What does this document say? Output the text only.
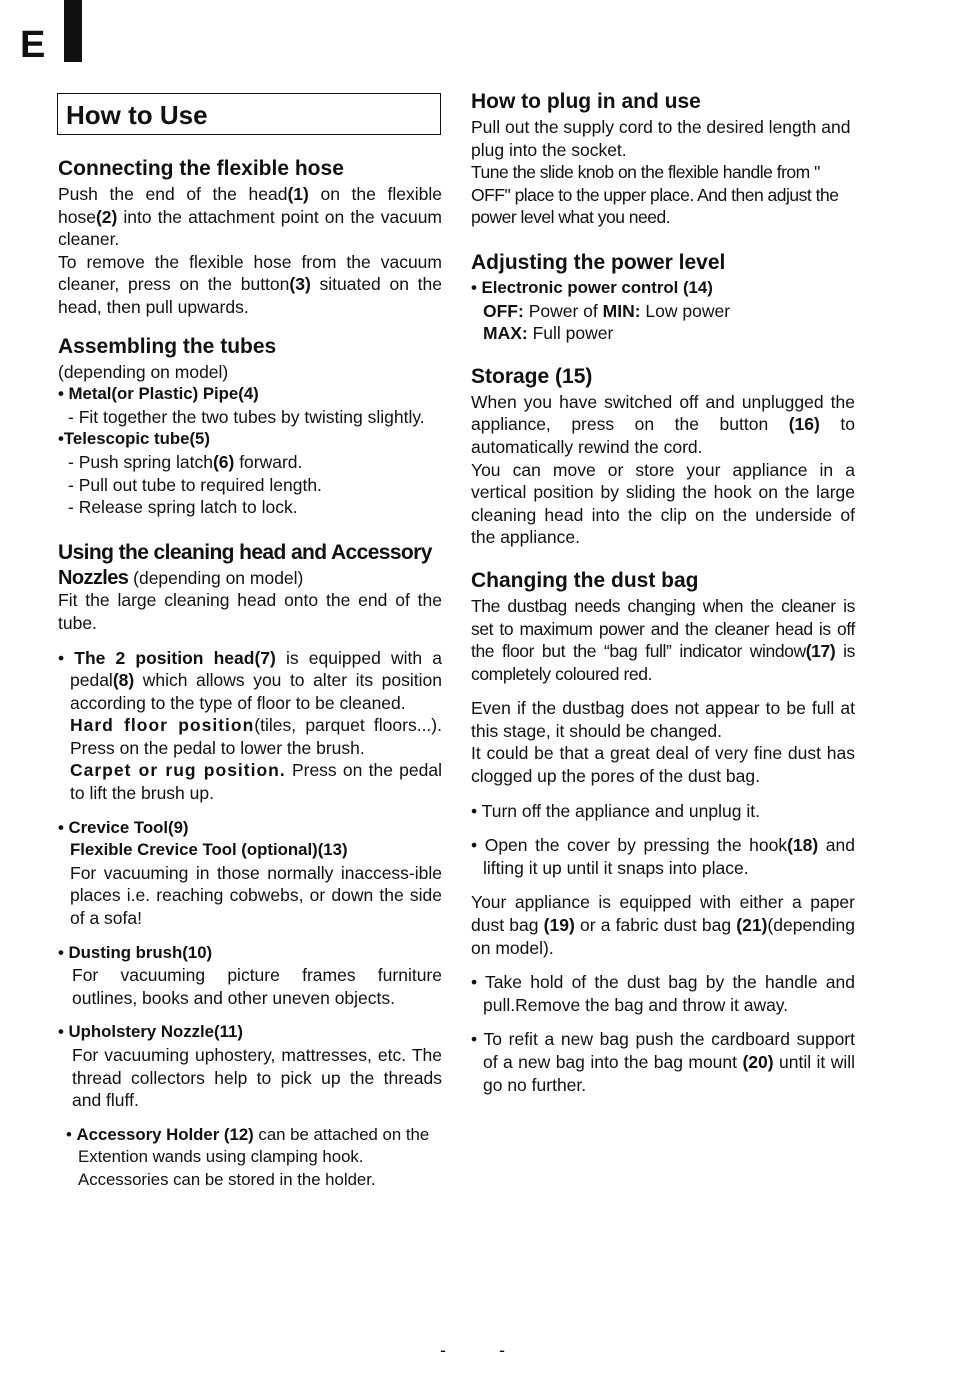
E
How to Use
Connecting the flexible hose

Push the end of the head(1) on the flexible hose(2) into the attachment point on the vacuum cleaner.

To remove the flexible hose from the vacuum cleaner, press on the button(3) situated on the head, then pull upwards.

Assembling the tubes

(depending on model)

• Metal(or Plastic) Pipe(4)

- Fit together the two tubes by twisting slightly.

•Telescopic tube(5)

- Push spring latch(6) forward.

- Pull out tube to required length.

- Release spring latch to lock.

Using the cleaning head and Accessory

Nozzles (depending on model)

Fit the large cleaning head onto the end of the tube.

• The 2 position head(7) is equipped with a pedal(8) which allows you to alter its position according to the type of floor to be cleaned.

Hard floor position(tiles, parquet floors...). Press on the pedal to lower the brush.

Carpet or rug position. Press on the pedal to lift the brush up.

• Crevice Tool(9)

Flexible Crevice Tool (optional)(13)

For vacuuming in those normally inaccess-ible places i.e. reaching cobwebs, or down the side of a sofa!

• Dusting brush(10)

For vacuuming picture frames furniture outlines, books and other uneven objects.

• Upholstery Nozzle(11)

For vacuuming uphostery, mattresses, etc. The thread collectors help to pick up the threads and fluff.

• Accessory Holder (12) can be attached on the Extention wands using clamping hook. Accessories can be stored in the holder.

How to plug in and use

Pull out the supply cord to the desired length and plug into the socket.

Tune the slide knob on the flexible handle from " OFF" place to the upper place. And then adjust the power level what you need.

Adjusting the power level

• Electronic power control (14)

OFF: Power of MIN: Low power

MAX: Full power

Storage (15)

When you have switched off and unplugged the appliance, press on the button (16) to automatically rewind the cord.

You can move or store your appliance in a vertical position by sliding the hook on the large cleaning head into the clip on the underside of the appliance.

Changing the dust bag

The dustbag needs changing when the cleaner is set to maximum power and the cleaner head is off the floor but the “bag full” indicator window(17) is completely coloured red.

Even if the dustbag does not appear to be full at this stage, it should be changed.

It could be that a great deal of very fine dust has clogged up the pores of the dust bag.

• Turn off the appliance and unplug it.

• Open the cover by pressing the hook(18) and lifting it up until it snaps into place.

Your appliance is equipped with either a paper dust bag (19) or a fabric dust bag (21)(depending on model).

• Take hold of the dust bag by the handle and pull.Remove the bag and throw it away.

• To refit a new bag push the cardboard support of a new bag into the bag mount (20) until it will go no further.

- -
